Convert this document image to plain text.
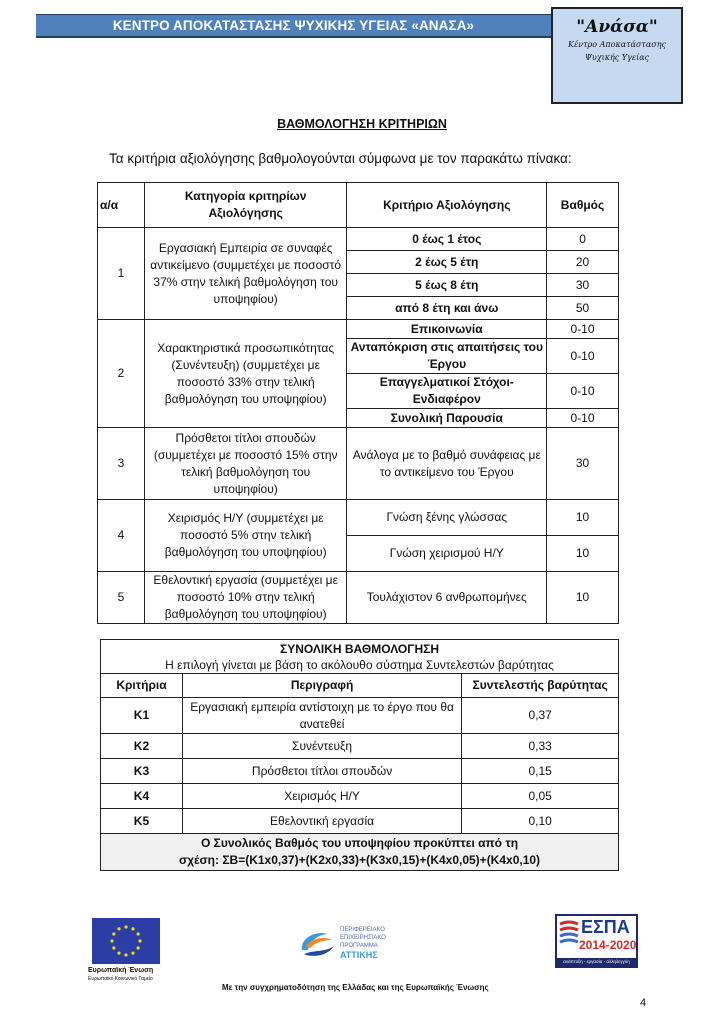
ΚΕΝΤΡΟ ΑΠΟΚΑΤΑΣΤΑΣΗΣ ΨΥΧΙΚΗΣ ΥΓΕΙΑΣ «ΑΝΑΣΑ»	"Ανάσα"
Κέντρο Αποκατάστασης
Ψυχικής Υγείας
ΒΑΘΜΟΛΟΓΗΣΗ ΚΡΙΤΗΡΙΩΝ
Τα κριτήρια αξιολόγησης βαθμολογούνται σύμφωνα με τον παρακάτω πίνακα:
α/α	Κατηγορία κριτηρίων Αξιολόγησης	Κριτήριο Αξιολόγησης	Βαθμός
1	Εργασιακή Εμπειρία σε συναφές αντικείμενο (συμμετέχει με ποσοστό 37% στην τελική βαθμολόγηση του υποψηφίου)	0 έως 1 έτος	0
		2 έως 5 έτη	20
		5 έως 8 έτη	30
		από 8 έτη και άνω	50
2	Χαρακτηριστικά προσωπικότητας (Συνέντευξη) (συμμετέχει με ποσοστό 33% στην τελική βαθμολόγηση του υποψηφίου)	Επικοινωνία	0-10
		Ανταπόκριση στις απαιτήσεις του Έργου	0-10
		Επαγγελματικοί Στόχοι-Ενδιαφέρον	0-10
		Συνολική Παρουσία	0-10
3	Πρόσθετοι τίτλοι σπουδών (συμμετέχει με ποσοστό 15% στην τελική βαθμολόγηση του υποψηφίου)	Ανάλογα με το βαθμό συνάφειας με το αντικείμενο του Έργου	30
4	Χειρισμός Η/Υ (συμμετέχει με ποσοστό 5% στην τελική βαθμολόγηση του υποψηφίου)	Γνώση ξένης γλώσσας	10
		Γνώση χειρισμού Η/Υ	10
5	Εθελοντική εργασία (συμμετέχει με ποσοστό 10% στην τελική βαθμολόγηση του υποψηφίου)	Τουλάχιστον 6 ανθρωπομήνες	10
ΣΥΝΟΛΙΚΗ ΒΑΘΜΟΛΟΓΗΣΗ
Η επιλογή γίνεται με βάση το ακόλουθο σύστημα Συντελεστών βαρύτητας		

Κριτήρια	Περιγραφή	Συντελεστής βαρύτητας
Κ1	Εργασιακή εμπειρία αντίστοιχη με το έργο που θα ανατεθεί	0,37
Κ2	Συνέντευξη	0,33
Κ3	Πρόσθετοι τίτλοι σπουδών	0,15
Κ4	Χειρισμός Η/Υ	0,05
Κ5	Εθελοντική εργασία	0,10

Ο Συνολικός Βαθμός του υποψηφίου προκύπτει από τη
σχέση: ΣΒ=(Κ1x0,37)+(Κ2x0,33)+(Κ3x0,15)+(Κ4x0,05)+(Κ4x0,10)		
Ευρωπαϊκή Ένωση
Ευρωπαϊκό Κοινωνικό Ταμείο
ΠΕΡΙΦΕΡΕΙΑΚΟ
ΕΠΙΧΕΙΡΗΣΙΑΚΟ
ΠΡΟΓΡΑΜΜΑ
ΑΤΤΙΚΗΣ
ΕΣΠΑ
2014-2020
ανάπτυξη - εργασία - αλληλεγγύη
Με την συγχρηματοδότηση της Ελλάδας και της Ευρωπαϊκής Ένωσης
4
